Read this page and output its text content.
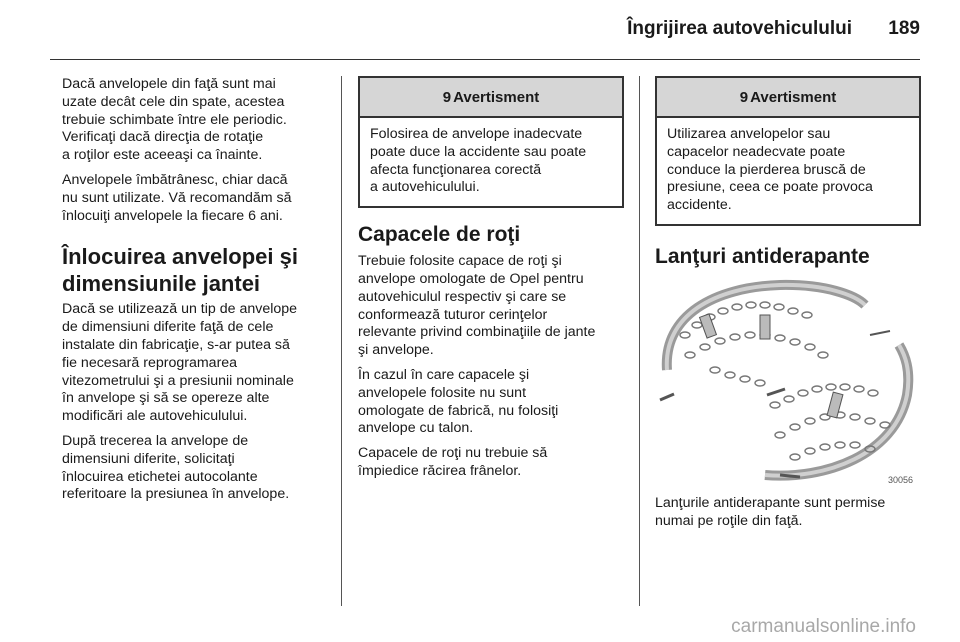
Îngrijirea autovehiculului 189

Dacă anvelopele din faţă sunt mai
uzate decât cele din spate, acestea
trebuie schimbate între ele periodic.
Verificaţi dacă direcţia de rotaţie
a roţilor este aceeaşi ca înainte.

Anvelopele îmbătrânesc, chiar dacă
nu sunt utilizate. Vă recomandăm să
înlocuiţi anvelopele la fiecare 6 ani.

Înlocuirea anvelopei şi
dimensiunile jantei

Dacă se utilizează un tip de anvelope
de dimensiuni diferite faţă de cele
instalate din fabricaţie, s-ar putea să
fie necesară reprogramarea
vitezometrului şi a presiunii nominale
în anvelope şi să se opereze alte
modificări ale autovehiculului.

După trecerea la anvelope de
dimensiuni diferite, solicitaţi
înlocuirea etichetei autocolante
referitoare la presiunea în anvelope.

9 Avertisment
Folosirea de anvelope inadecvate
poate duce la accidente sau poate
afecta funcţionarea corectă
a autovehiculului.
Capacele de roţi

Trebuie folosite capace de roţi şi
anvelope omologate de Opel pentru
autovehiculul respectiv şi care se
conformează tuturor cerinţelor
relevante privind combinaţiile de jante
şi anvelope.

În cazul în care capacele şi
anvelopele folosite nu sunt
omologate de fabrică, nu folosiţi
anvelope cu talon.

Capacele de roţi nu trebuie să
împiedice răcirea frânelor.

9 Avertisment
Utilizarea anvelopelor sau
capacelor neadecvate poate
conduce la pierderea bruscă de
presiune, ceea ce poate provoca
accidente.
Lanţuri antiderapante
30056

Lanţurile antiderapante sunt permise
numai pe roţile din faţă.

carmanualsonline.info
